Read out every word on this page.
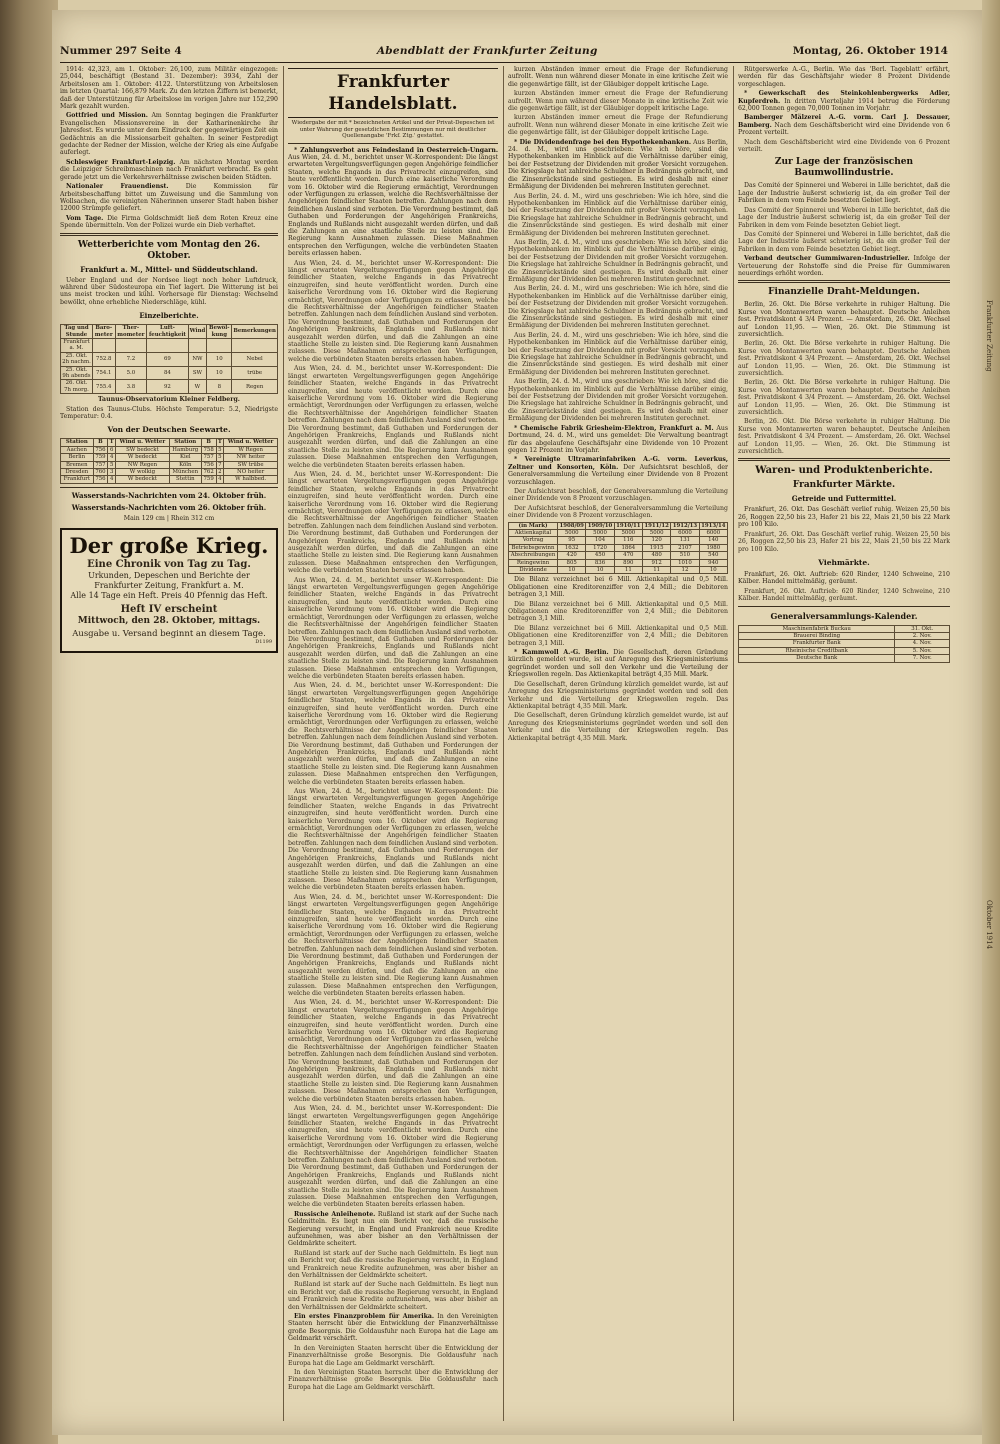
Frankfurter Zeitung
Oktober 1914
Nummer 297 Seite 4	Abendblatt der Frankfurter Zeitung	Montag, 26. Oktober 1914

1914: 42,323, am 1. Oktober: 26,100, zum Militär eingezogen: 25,044, beschäftigt (Bestand 31. Dezember): 3934, Zahl der Arbeitslosen am 1. Oktober: 4122. Unterstützung von Arbeitslosen im letzten Quartal: 166,879 Mark. Zu den letzten Ziffern ist bemerkt, daß der Unterstützung für Arbeitslose im vorigen Jahre nur 152,290 Mark gezahlt wurden.

Gottfried und Mission. Am Sonntag begingen die Frankfurter Evangelischen Missionsvereine in der Katharinenkirche ihr Jahresfest. Es wurde unter dem Eindruck der gegenwärtigen Zeit ein Gedächtnis an die Missionsarbeit gehalten. In seiner Festpredigt gedachte der Redner der Mission, welche der Krieg als eine Aufgabe auferlegt.

Schleswiger Frankfurt-Leipzig. Am nächsten Montag werden die Leipziger Schreibmaschinen nach Frankfurt verbracht. Es geht gerade jetzt um die Verkehrsverhältnisse zwischen beiden Städten.

Nationaler Frauendienst.	Die Kommission für Arbeitsbeschaffung bittet um Zuweisung und die Sammlung von Wollsachen, die vereinigten Näherinnen unserer Stadt haben bisher 12000 Strümpfe geliefert.

Vom Tage. Die Firma Goldschmidt ließ dem Roten Kreuz eine Spende übermitteln. Von der Polizei wurde ein Dieb verhaftet.

Wetterberichte vom Montag den 26. Oktober.
Frankfurt a. M., Mittel- und Süddeutschland.

Ueber England und der Nordsee liegt noch hoher Luftdruck, während über Südosteuropa ein Tief lagert. Die Witterung ist bei uns meist trocken und kühl. Vorhersage für Dienstag: Wechselnd bewölkt, ohne erhebliche Niederschläge, kühl.

Einzelberichte.
Tag und Stunde	Baro-meter	Ther-mometer	Luft-feuchtigkeit	Wind	Bewöl-kung	Bemerkungen
Frankfurt a. M.						
25. Okt. 2h nachm.	752.8	7.2	69	NW	10	Nebel
25. Okt. 9h abends	754.1	5.0	84	SW	10	trübe
26. Okt. 7h morg.	755.4	3.8	92	W	8	Regen

Taunus-Observatorium Kleiner Feldberg.

Station des Taunus-Clubs. Höchste Temperatur: 5.2, Niedrigste Temperatur: 0.4.

Von der Deutschen Seewarte.
Station	B	T	Wind u. Wetter	Station	B	T	Wind u. Wetter
Aachen	756	6	SW bedeckt	Hamburg	758	5	W Regen
Berlin	759	4	W bedeckt	Kiel	757	5	NW heiter
Bremen	757	5	NW Regen	Köln	756	7	SW trübe
Dresden	760	3	W wolkig	München	762	2	NO heiter
Frankfurt	756	4	W bedeckt	Stettin	759	4	W halbbed.
Wasserstands-Nachrichten vom 24. Oktober früh.
Wasserstands-Nachrichten vom 26. Oktober früh.

Main 129 cm | Rhein 312 cm

Der große Krieg.
Eine Chronik von Tag zu Tag.
Urkunden, Depeschen und Berichte der
Frankfurter Zeitung, Frankfurt a. M.
Alle 14 Tage ein Heft. Preis 40 Pfennig das Heft.
Heft IV erscheint
Mittwoch, den 28. Oktober, mittags.
Ausgabe u. Versand beginnt an diesem Tage.
D1199
Frankfurter Handelsblatt.
Wiedergabe der mit * bezeichneten Artikel und der Privat-Depeschen ist unter Wahrung der gesetzlichen Bestimmungen nur mit deutlicher Quellenangabe 'Frkf. Ztg.' gestattet.

* Zahlungsverbot aus Feindesland in Oesterreich-Ungarn. Aus Wien, 24. d. M., berichtet unser W.-Korrespondent: Die längst erwarteten Vergeltungsverfügungen gegen Angehörige feindlicher Staaten, welche Engands in das Privatrecht einzugreifen, sind heute veröffentlicht worden. Durch eine kaiserliche Verordnung vom 16. Oktober wird die Regierung ermächtigt, Verordnungen oder Verfügungen zu erlassen, welche die Rechtsverhältnisse der Angehörigen feindlicher Staaten betreffen. Zahlungen nach dem feindlichen Ausland sind verboten. Die Verordnung bestimmt, daß Guthaben und Forderungen der Angehörigen Frankreichs, Englands und Rußlands nicht ausgezahlt werden dürfen, und daß die Zahlungen an eine staatliche Stelle zu leisten sind. Die Regierung kann Ausnahmen zulassen. Diese Maßnahmen entsprechen den Verfügungen, welche die verbündeten Staaten bereits erlassen haben.

Aus Wien, 24. d. M., berichtet unser W.-Korrespondent: Die längst erwarteten Vergeltungsverfügungen gegen Angehörige feindlicher Staaten, welche Engands in das Privatrecht einzugreifen, sind heute veröffentlicht worden. Durch eine kaiserliche Verordnung vom 16. Oktober wird die Regierung ermächtigt, Verordnungen oder Verfügungen zu erlassen, welche die Rechtsverhältnisse der Angehörigen feindlicher Staaten betreffen. Zahlungen nach dem feindlichen Ausland sind verboten. Die Verordnung bestimmt, daß Guthaben und Forderungen der Angehörigen Frankreichs, Englands und Rußlands nicht ausgezahlt werden dürfen, und daß die Zahlungen an eine staatliche Stelle zu leisten sind. Die Regierung kann Ausnahmen zulassen. Diese Maßnahmen entsprechen den Verfügungen, welche die verbündeten Staaten bereits erlassen haben.

Aus Wien, 24. d. M., berichtet unser W.-Korrespondent: Die längst erwarteten Vergeltungsverfügungen gegen Angehörige feindlicher Staaten, welche Engands in das Privatrecht einzugreifen, sind heute veröffentlicht worden. Durch eine kaiserliche Verordnung vom 16. Oktober wird die Regierung ermächtigt, Verordnungen oder Verfügungen zu erlassen, welche die Rechtsverhältnisse der Angehörigen feindlicher Staaten betreffen. Zahlungen nach dem feindlichen Ausland sind verboten. Die Verordnung bestimmt, daß Guthaben und Forderungen der Angehörigen Frankreichs, Englands und Rußlands nicht ausgezahlt werden dürfen, und daß die Zahlungen an eine staatliche Stelle zu leisten sind. Die Regierung kann Ausnahmen zulassen. Diese Maßnahmen entsprechen den Verfügungen, welche die verbündeten Staaten bereits erlassen haben.

Aus Wien, 24. d. M., berichtet unser W.-Korrespondent: Die längst erwarteten Vergeltungsverfügungen gegen Angehörige feindlicher Staaten, welche Engands in das Privatrecht einzugreifen, sind heute veröffentlicht worden. Durch eine kaiserliche Verordnung vom 16. Oktober wird die Regierung ermächtigt, Verordnungen oder Verfügungen zu erlassen, welche die Rechtsverhältnisse der Angehörigen feindlicher Staaten betreffen. Zahlungen nach dem feindlichen Ausland sind verboten. Die Verordnung bestimmt, daß Guthaben und Forderungen der Angehörigen Frankreichs, Englands und Rußlands nicht ausgezahlt werden dürfen, und daß die Zahlungen an eine staatliche Stelle zu leisten sind. Die Regierung kann Ausnahmen zulassen. Diese Maßnahmen entsprechen den Verfügungen, welche die verbündeten Staaten bereits erlassen haben.

Aus Wien, 24. d. M., berichtet unser W.-Korrespondent: Die längst erwarteten Vergeltungsverfügungen gegen Angehörige feindlicher Staaten, welche Engands in das Privatrecht einzugreifen, sind heute veröffentlicht worden. Durch eine kaiserliche Verordnung vom 16. Oktober wird die Regierung ermächtigt, Verordnungen oder Verfügungen zu erlassen, welche die Rechtsverhältnisse der Angehörigen feindlicher Staaten betreffen. Zahlungen nach dem feindlichen Ausland sind verboten. Die Verordnung bestimmt, daß Guthaben und Forderungen der Angehörigen Frankreichs, Englands und Rußlands nicht ausgezahlt werden dürfen, und daß die Zahlungen an eine staatliche Stelle zu leisten sind. Die Regierung kann Ausnahmen zulassen. Diese Maßnahmen entsprechen den Verfügungen, welche die verbündeten Staaten bereits erlassen haben.

Aus Wien, 24. d. M., berichtet unser W.-Korrespondent: Die längst erwarteten Vergeltungsverfügungen gegen Angehörige feindlicher Staaten, welche Engands in das Privatrecht einzugreifen, sind heute veröffentlicht worden. Durch eine kaiserliche Verordnung vom 16. Oktober wird die Regierung ermächtigt, Verordnungen oder Verfügungen zu erlassen, welche die Rechtsverhältnisse der Angehörigen feindlicher Staaten betreffen. Zahlungen nach dem feindlichen Ausland sind verboten. Die Verordnung bestimmt, daß Guthaben und Forderungen der Angehörigen Frankreichs, Englands und Rußlands nicht ausgezahlt werden dürfen, und daß die Zahlungen an eine staatliche Stelle zu leisten sind. Die Regierung kann Ausnahmen zulassen. Diese Maßnahmen entsprechen den Verfügungen, welche die verbündeten Staaten bereits erlassen haben.

Aus Wien, 24. d. M., berichtet unser W.-Korrespondent: Die längst erwarteten Vergeltungsverfügungen gegen Angehörige feindlicher Staaten, welche Engands in das Privatrecht einzugreifen, sind heute veröffentlicht worden. Durch eine kaiserliche Verordnung vom 16. Oktober wird die Regierung ermächtigt, Verordnungen oder Verfügungen zu erlassen, welche die Rechtsverhältnisse der Angehörigen feindlicher Staaten betreffen. Zahlungen nach dem feindlichen Ausland sind verboten. Die Verordnung bestimmt, daß Guthaben und Forderungen der Angehörigen Frankreichs, Englands und Rußlands nicht ausgezahlt werden dürfen, und daß die Zahlungen an eine staatliche Stelle zu leisten sind. Die Regierung kann Ausnahmen zulassen. Diese Maßnahmen entsprechen den Verfügungen, welche die verbündeten Staaten bereits erlassen haben.

Aus Wien, 24. d. M., berichtet unser W.-Korrespondent: Die längst erwarteten Vergeltungsverfügungen gegen Angehörige feindlicher Staaten, welche Engands in das Privatrecht einzugreifen, sind heute veröffentlicht worden. Durch eine kaiserliche Verordnung vom 16. Oktober wird die Regierung ermächtigt, Verordnungen oder Verfügungen zu erlassen, welche die Rechtsverhältnisse der Angehörigen feindlicher Staaten betreffen. Zahlungen nach dem feindlichen Ausland sind verboten. Die Verordnung bestimmt, daß Guthaben und Forderungen der Angehörigen Frankreichs, Englands und Rußlands nicht ausgezahlt werden dürfen, und daß die Zahlungen an eine staatliche Stelle zu leisten sind. Die Regierung kann Ausnahmen zulassen. Diese Maßnahmen entsprechen den Verfügungen, welche die verbündeten Staaten bereits erlassen haben.

Aus Wien, 24. d. M., berichtet unser W.-Korrespondent: Die längst erwarteten Vergeltungsverfügungen gegen Angehörige feindlicher Staaten, welche Engands in das Privatrecht einzugreifen, sind heute veröffentlicht worden. Durch eine kaiserliche Verordnung vom 16. Oktober wird die Regierung ermächtigt, Verordnungen oder Verfügungen zu erlassen, welche die Rechtsverhältnisse der Angehörigen feindlicher Staaten betreffen. Zahlungen nach dem feindlichen Ausland sind verboten. Die Verordnung bestimmt, daß Guthaben und Forderungen der Angehörigen Frankreichs, Englands und Rußlands nicht ausgezahlt werden dürfen, und daß die Zahlungen an eine staatliche Stelle zu leisten sind. Die Regierung kann Ausnahmen zulassen. Diese Maßnahmen entsprechen den Verfügungen, welche die verbündeten Staaten bereits erlassen haben.

Aus Wien, 24. d. M., berichtet unser W.-Korrespondent: Die längst erwarteten Vergeltungsverfügungen gegen Angehörige feindlicher Staaten, welche Engands in das Privatrecht einzugreifen, sind heute veröffentlicht worden. Durch eine kaiserliche Verordnung vom 16. Oktober wird die Regierung ermächtigt, Verordnungen oder Verfügungen zu erlassen, welche die Rechtsverhältnisse der Angehörigen feindlicher Staaten betreffen. Zahlungen nach dem feindlichen Ausland sind verboten. Die Verordnung bestimmt, daß Guthaben und Forderungen der Angehörigen Frankreichs, Englands und Rußlands nicht ausgezahlt werden dürfen, und daß die Zahlungen an eine staatliche Stelle zu leisten sind. Die Regierung kann Ausnahmen zulassen. Diese Maßnahmen entsprechen den Verfügungen, welche die verbündeten Staaten bereits erlassen haben.

Russische Anleihenote. Rußland ist stark auf der Suche nach Geldmitteln. Es liegt nun ein Bericht vor, daß die russische Regierung versucht, in England und Frankreich neue Kredite aufzunehmen, was aber bisher an den Verhältnissen der Geldmärkte scheitert.

Rußland ist stark auf der Suche nach Geldmitteln. Es liegt nun ein Bericht vor, daß die russische Regierung versucht, in England und Frankreich neue Kredite aufzunehmen, was aber bisher an den Verhältnissen der Geldmärkte scheitert.

Rußland ist stark auf der Suche nach Geldmitteln. Es liegt nun ein Bericht vor, daß die russische Regierung versucht, in England und Frankreich neue Kredite aufzunehmen, was aber bisher an den Verhältnissen der Geldmärkte scheitert.

Ein erstes Finanzproblem für Amerika. In den Vereinigten Staaten herrscht über die Entwicklung der Finanzverhältnisse große Besorgnis. Die Goldausfuhr nach Europa hat die Lage am Geldmarkt verschärft.

In den Vereinigten Staaten herrscht über die Entwicklung der Finanzverhältnisse große Besorgnis. Die Goldausfuhr nach Europa hat die Lage am Geldmarkt verschärft.

In den Vereinigten Staaten herrscht über die Entwicklung der Finanzverhältnisse große Besorgnis. Die Goldausfuhr nach Europa hat die Lage am Geldmarkt verschärft.

kurzen Abständen immer erneut die Frage der Refundierung aufrollt. Wenn nun während dieser Monate in eine kritische Zeit wie die gegenwärtige fällt, ist der Gläubiger doppelt kritische Lage.

kurzen Abständen immer erneut die Frage der Refundierung aufrollt. Wenn nun während dieser Monate in eine kritische Zeit wie die gegenwärtige fällt, ist der Gläubiger doppelt kritische Lage.

kurzen Abständen immer erneut die Frage der Refundierung aufrollt. Wenn nun während dieser Monate in eine kritische Zeit wie die gegenwärtige fällt, ist der Gläubiger doppelt kritische Lage.

* Die Dividendenfrage bei den Hypothekenbanken. Aus Berlin, 24. d. M., wird uns geschrieben: Wie ich höre, sind die Hypothekenbanken im Hinblick auf die Verhältnisse darüber einig, bei der Festsetzung der Dividenden mit großer Vorsicht vorzugehen. Die Kriegslage hat zahlreiche Schuldner in Bedrängnis gebracht, und die Zinsenrückstände sind gestiegen. Es wird deshalb mit einer Ermäßigung der Dividenden bei mehreren Instituten gerechnet.

Aus Berlin, 24. d. M., wird uns geschrieben: Wie ich höre, sind die Hypothekenbanken im Hinblick auf die Verhältnisse darüber einig, bei der Festsetzung der Dividenden mit großer Vorsicht vorzugehen. Die Kriegslage hat zahlreiche Schuldner in Bedrängnis gebracht, und die Zinsenrückstände sind gestiegen. Es wird deshalb mit einer Ermäßigung der Dividenden bei mehreren Instituten gerechnet.

Aus Berlin, 24. d. M., wird uns geschrieben: Wie ich höre, sind die Hypothekenbanken im Hinblick auf die Verhältnisse darüber einig, bei der Festsetzung der Dividenden mit großer Vorsicht vorzugehen. Die Kriegslage hat zahlreiche Schuldner in Bedrängnis gebracht, und die Zinsenrückstände sind gestiegen. Es wird deshalb mit einer Ermäßigung der Dividenden bei mehreren Instituten gerechnet.

Aus Berlin, 24. d. M., wird uns geschrieben: Wie ich höre, sind die Hypothekenbanken im Hinblick auf die Verhältnisse darüber einig, bei der Festsetzung der Dividenden mit großer Vorsicht vorzugehen. Die Kriegslage hat zahlreiche Schuldner in Bedrängnis gebracht, und die Zinsenrückstände sind gestiegen. Es wird deshalb mit einer Ermäßigung der Dividenden bei mehreren Instituten gerechnet.

Aus Berlin, 24. d. M., wird uns geschrieben: Wie ich höre, sind die Hypothekenbanken im Hinblick auf die Verhältnisse darüber einig, bei der Festsetzung der Dividenden mit großer Vorsicht vorzugehen. Die Kriegslage hat zahlreiche Schuldner in Bedrängnis gebracht, und die Zinsenrückstände sind gestiegen. Es wird deshalb mit einer Ermäßigung der Dividenden bei mehreren Instituten gerechnet.

Aus Berlin, 24. d. M., wird uns geschrieben: Wie ich höre, sind die Hypothekenbanken im Hinblick auf die Verhältnisse darüber einig, bei der Festsetzung der Dividenden mit großer Vorsicht vorzugehen. Die Kriegslage hat zahlreiche Schuldner in Bedrängnis gebracht, und die Zinsenrückstände sind gestiegen. Es wird deshalb mit einer Ermäßigung der Dividenden bei mehreren Instituten gerechnet.

* Chemische Fabrik Griesheim-Elektron, Frankfurt a. M. Aus Dortmund, 24. d. M., wird uns gemeldet: Die Verwaltung beantragt für das abgelaufene Geschäftsjahr eine Dividende von 10 Prozent gegen 12 Prozent im Vorjahr.

* Vereinigte Ultramarinfabriken A.-G. vorm. Leverkus, Zeltner und Konsorten, Köln. Der Aufsichtsrat beschloß, der Generalversammlung die Verteilung einer Dividende von 8 Prozent vorzuschlagen.

Der Aufsichtsrat beschloß, der Generalversammlung die Verteilung einer Dividende von 8 Prozent vorzuschlagen.

Der Aufsichtsrat beschloß, der Generalversammlung die Verteilung einer Dividende von 8 Prozent vorzuschlagen.

(in Mark)	1908/09	1909/10	1910/11	1911/12	1912/13	1913/14
Aktienkapital	5000	5000	5000	5000	6000	6000
Vortrag	95	104	116	120	131	140
Betriebsgewinn	1632	1720	1864	1915	2107	1980
Abschreibungen	420	450	470	480	510	540
Reingewinn	805	836	890	912	1010	940
Dividende	10	10	11	11	12	10

Die Bilanz verzeichnet bei 6 Mill. Aktienkapital und 0,5 Mill. Obligationen eine Kreditorenziffer von 2,4 Mill.; die Debitoren betragen 3,1 Mill.

Die Bilanz verzeichnet bei 6 Mill. Aktienkapital und 0,5 Mill. Obligationen eine Kreditorenziffer von 2,4 Mill.; die Debitoren betragen 3,1 Mill.

Die Bilanz verzeichnet bei 6 Mill. Aktienkapital und 0,5 Mill. Obligationen eine Kreditorenziffer von 2,4 Mill.; die Debitoren betragen 3,1 Mill.

* Kammwoll A.-G. Berlin. Die Gesellschaft, deren Gründung kürzlich gemeldet wurde, ist auf Anregung des Kriegsministeriums gegründet worden und soll den Verkehr und die Verteilung der Kriegswollen regeln. Das Aktienkapital beträgt 4,35 Mill. Mark.

Die Gesellschaft, deren Gründung kürzlich gemeldet wurde, ist auf Anregung des Kriegsministeriums gegründet worden und soll den Verkehr und die Verteilung der Kriegswollen regeln. Das Aktienkapital beträgt 4,35 Mill. Mark.

Die Gesellschaft, deren Gründung kürzlich gemeldet wurde, ist auf Anregung des Kriegsministeriums gegründet worden und soll den Verkehr und die Verteilung der Kriegswollen regeln. Das Aktienkapital beträgt 4,35 Mill. Mark.

Rütgerswerke A.-G., Berlin. Wie das 'Berl. Tageblatt' erfährt, werden für das Geschäftsjahr wieder 8 Prozent Dividende vorgeschlagen.

* Gewerkschaft des Steinkohlenbergwerks Adler, Kupferdreh. In dritten Vierteljahr 1914 betrug die Förderung 62,000 Tonnen gegen 70,000 Tonnen im Vorjahr.

Bamberger Mälzerei A.-G. vorm. Carl J. Dessauer, Bamberg. Nach dem Geschäftsbericht wird eine Dividende von 6 Prozent verteilt.

Nach dem Geschäftsbericht wird eine Dividende von 6 Prozent verteilt.

Zur Lage der französischen Baumwollindustrie.

Das Comité der Spinnerei und Weberei in Lille berichtet, daß die Lage der Industrie äußerst schwierig ist, da ein großer Teil der Fabriken in dem vom Feinde besetzten Gebiet liegt.

Das Comité der Spinnerei und Weberei in Lille berichtet, daß die Lage der Industrie äußerst schwierig ist, da ein großer Teil der Fabriken in dem vom Feinde besetzten Gebiet liegt.

Das Comité der Spinnerei und Weberei in Lille berichtet, daß die Lage der Industrie äußerst schwierig ist, da ein großer Teil der Fabriken in dem vom Feinde besetzten Gebiet liegt.

Verband deutscher Gummiwaren-Industrieller. Infolge der Verteuerung der Rohstoffe sind die Preise für Gummiwaren neuerdings erhöht worden.

Finanzielle Draht-Meldungen.

Berlin, 26. Okt. Die Börse verkehrte in ruhiger Haltung. Die Kurse von Montanwerten waren behauptet. Deutsche Anleihen fest. Privatdiskont 4 3/4 Prozent. — Amsterdam, 26. Okt. Wechsel auf London 11,95. — Wien, 26. Okt. Die Stimmung ist zuversichtlich.

Berlin, 26. Okt. Die Börse verkehrte in ruhiger Haltung. Die Kurse von Montanwerten waren behauptet. Deutsche Anleihen fest. Privatdiskont 4 3/4 Prozent. — Amsterdam, 26. Okt. Wechsel auf London 11,95. — Wien, 26. Okt. Die Stimmung ist zuversichtlich.

Berlin, 26. Okt. Die Börse verkehrte in ruhiger Haltung. Die Kurse von Montanwerten waren behauptet. Deutsche Anleihen fest. Privatdiskont 4 3/4 Prozent. — Amsterdam, 26. Okt. Wechsel auf London 11,95. — Wien, 26. Okt. Die Stimmung ist zuversichtlich.

Berlin, 26. Okt. Die Börse verkehrte in ruhiger Haltung. Die Kurse von Montanwerten waren behauptet. Deutsche Anleihen fest. Privatdiskont 4 3/4 Prozent. — Amsterdam, 26. Okt. Wechsel auf London 11,95. — Wien, 26. Okt. Die Stimmung ist zuversichtlich.

Waren- und Produktenberichte.
Frankfurter Märkte.
Getreide und Futtermittel.

Frankfurt, 26. Okt. Das Geschäft verlief ruhig. Weizen 25,50 bis 26, Roggen 22,50 bis 23, Hafer 21 bis 22, Mais 21,50 bis 22 Mark pro 100 Kilo.

Frankfurt, 26. Okt. Das Geschäft verlief ruhig. Weizen 25,50 bis 26, Roggen 22,50 bis 23, Hafer 21 bis 22, Mais 21,50 bis 22 Mark pro 100 Kilo.

Viehmärkte.

Frankfurt, 26. Okt. Auftrieb: 620 Rinder, 1240 Schweine, 210 Kälber. Handel mittelmäßig, geräumt.

Frankfurt, 26. Okt. Auftrieb: 620 Rinder, 1240 Schweine, 210 Kälber. Handel mittelmäßig, geräumt.

Generalversammlungs-Kalender.
Maschinenfabrik Buckau	31. Okt.
Brauerei Binding	2. Nov.
Frankfurter Bank	4. Nov.
Rheinische Creditbank	5. Nov.
Deutsche Bank	7. Nov.
